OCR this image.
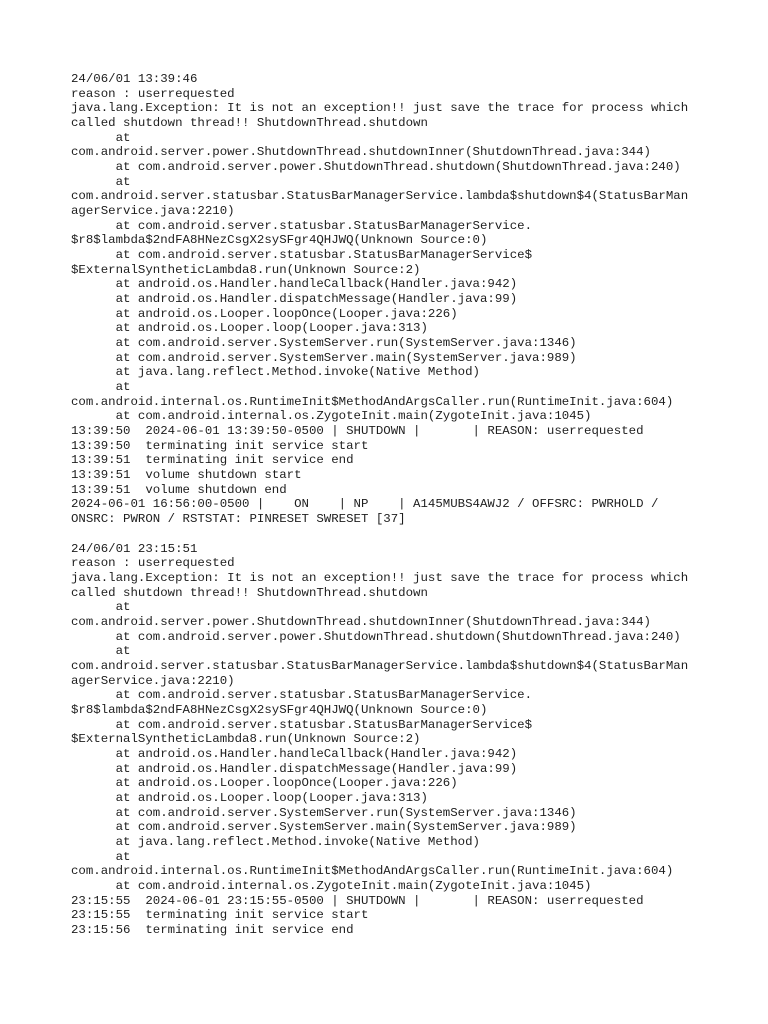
24/06/01 13:39:46
reason : userrequested
java.lang.Exception: It is not an exception!! just save the trace for process which
called shutdown thread!! ShutdownThread.shutdown
at
com.android.server.power.ShutdownThread.shutdownInner(ShutdownThread.java:344)
at com.android.server.power.ShutdownThread.shutdown(ShutdownThread.java:240)
at
com.android.server.statusbar.StatusBarManagerService.lambda$shutdown$4(StatusBarMan
agerService.java:2210)
at com.android.server.statusbar.StatusBarManagerService.
$r8$lambda$2ndFA8HNezCsgX2sySFgr4QHJWQ(Unknown Source:0)
at com.android.server.statusbar.StatusBarManagerService$
$ExternalSyntheticLambda8.run(Unknown Source:2)
at android.os.Handler.handleCallback(Handler.java:942)
at android.os.Handler.dispatchMessage(Handler.java:99)
at android.os.Looper.loopOnce(Looper.java:226)
at android.os.Looper.loop(Looper.java:313)
at com.android.server.SystemServer.run(SystemServer.java:1346)
at com.android.server.SystemServer.main(SystemServer.java:989)
at java.lang.reflect.Method.invoke(Native Method)
at
com.android.internal.os.RuntimeInit$MethodAndArgsCaller.run(RuntimeInit.java:604)
at com.android.internal.os.ZygoteInit.main(ZygoteInit.java:1045)
13:39:50  2024-06-01 13:39:50-0500 | SHUTDOWN |       | REASON: userrequested
13:39:50  terminating init service start
13:39:51  terminating init service end
13:39:51  volume shutdown start
13:39:51  volume shutdown end
2024-06-01 16:56:00-0500 |    ON    | NP    | A145MUBS4AWJ2 / OFFSRC: PWRHOLD /
ONSRC: PWRON / RSTSTAT: PINRESET SWRESET [37]
24/06/01 23:15:51
reason : userrequested
java.lang.Exception: It is not an exception!! just save the trace for process which
called shutdown thread!! ShutdownThread.shutdown
at
com.android.server.power.ShutdownThread.shutdownInner(ShutdownThread.java:344)
at com.android.server.power.ShutdownThread.shutdown(ShutdownThread.java:240)
at
com.android.server.statusbar.StatusBarManagerService.lambda$shutdown$4(StatusBarMan
agerService.java:2210)
at com.android.server.statusbar.StatusBarManagerService.
$r8$lambda$2ndFA8HNezCsgX2sySFgr4QHJWQ(Unknown Source:0)
at com.android.server.statusbar.StatusBarManagerService$
$ExternalSyntheticLambda8.run(Unknown Source:2)
at android.os.Handler.handleCallback(Handler.java:942)
at android.os.Handler.dispatchMessage(Handler.java:99)
at android.os.Looper.loopOnce(Looper.java:226)
at android.os.Looper.loop(Looper.java:313)
at com.android.server.SystemServer.run(SystemServer.java:1346)
at com.android.server.SystemServer.main(SystemServer.java:989)
at java.lang.reflect.Method.invoke(Native Method)
at
com.android.internal.os.RuntimeInit$MethodAndArgsCaller.run(RuntimeInit.java:604)
at com.android.internal.os.ZygoteInit.main(ZygoteInit.java:1045)
23:15:55  2024-06-01 23:15:55-0500 | SHUTDOWN |       | REASON: userrequested
23:15:55  terminating init service start
23:15:56  terminating init service end
